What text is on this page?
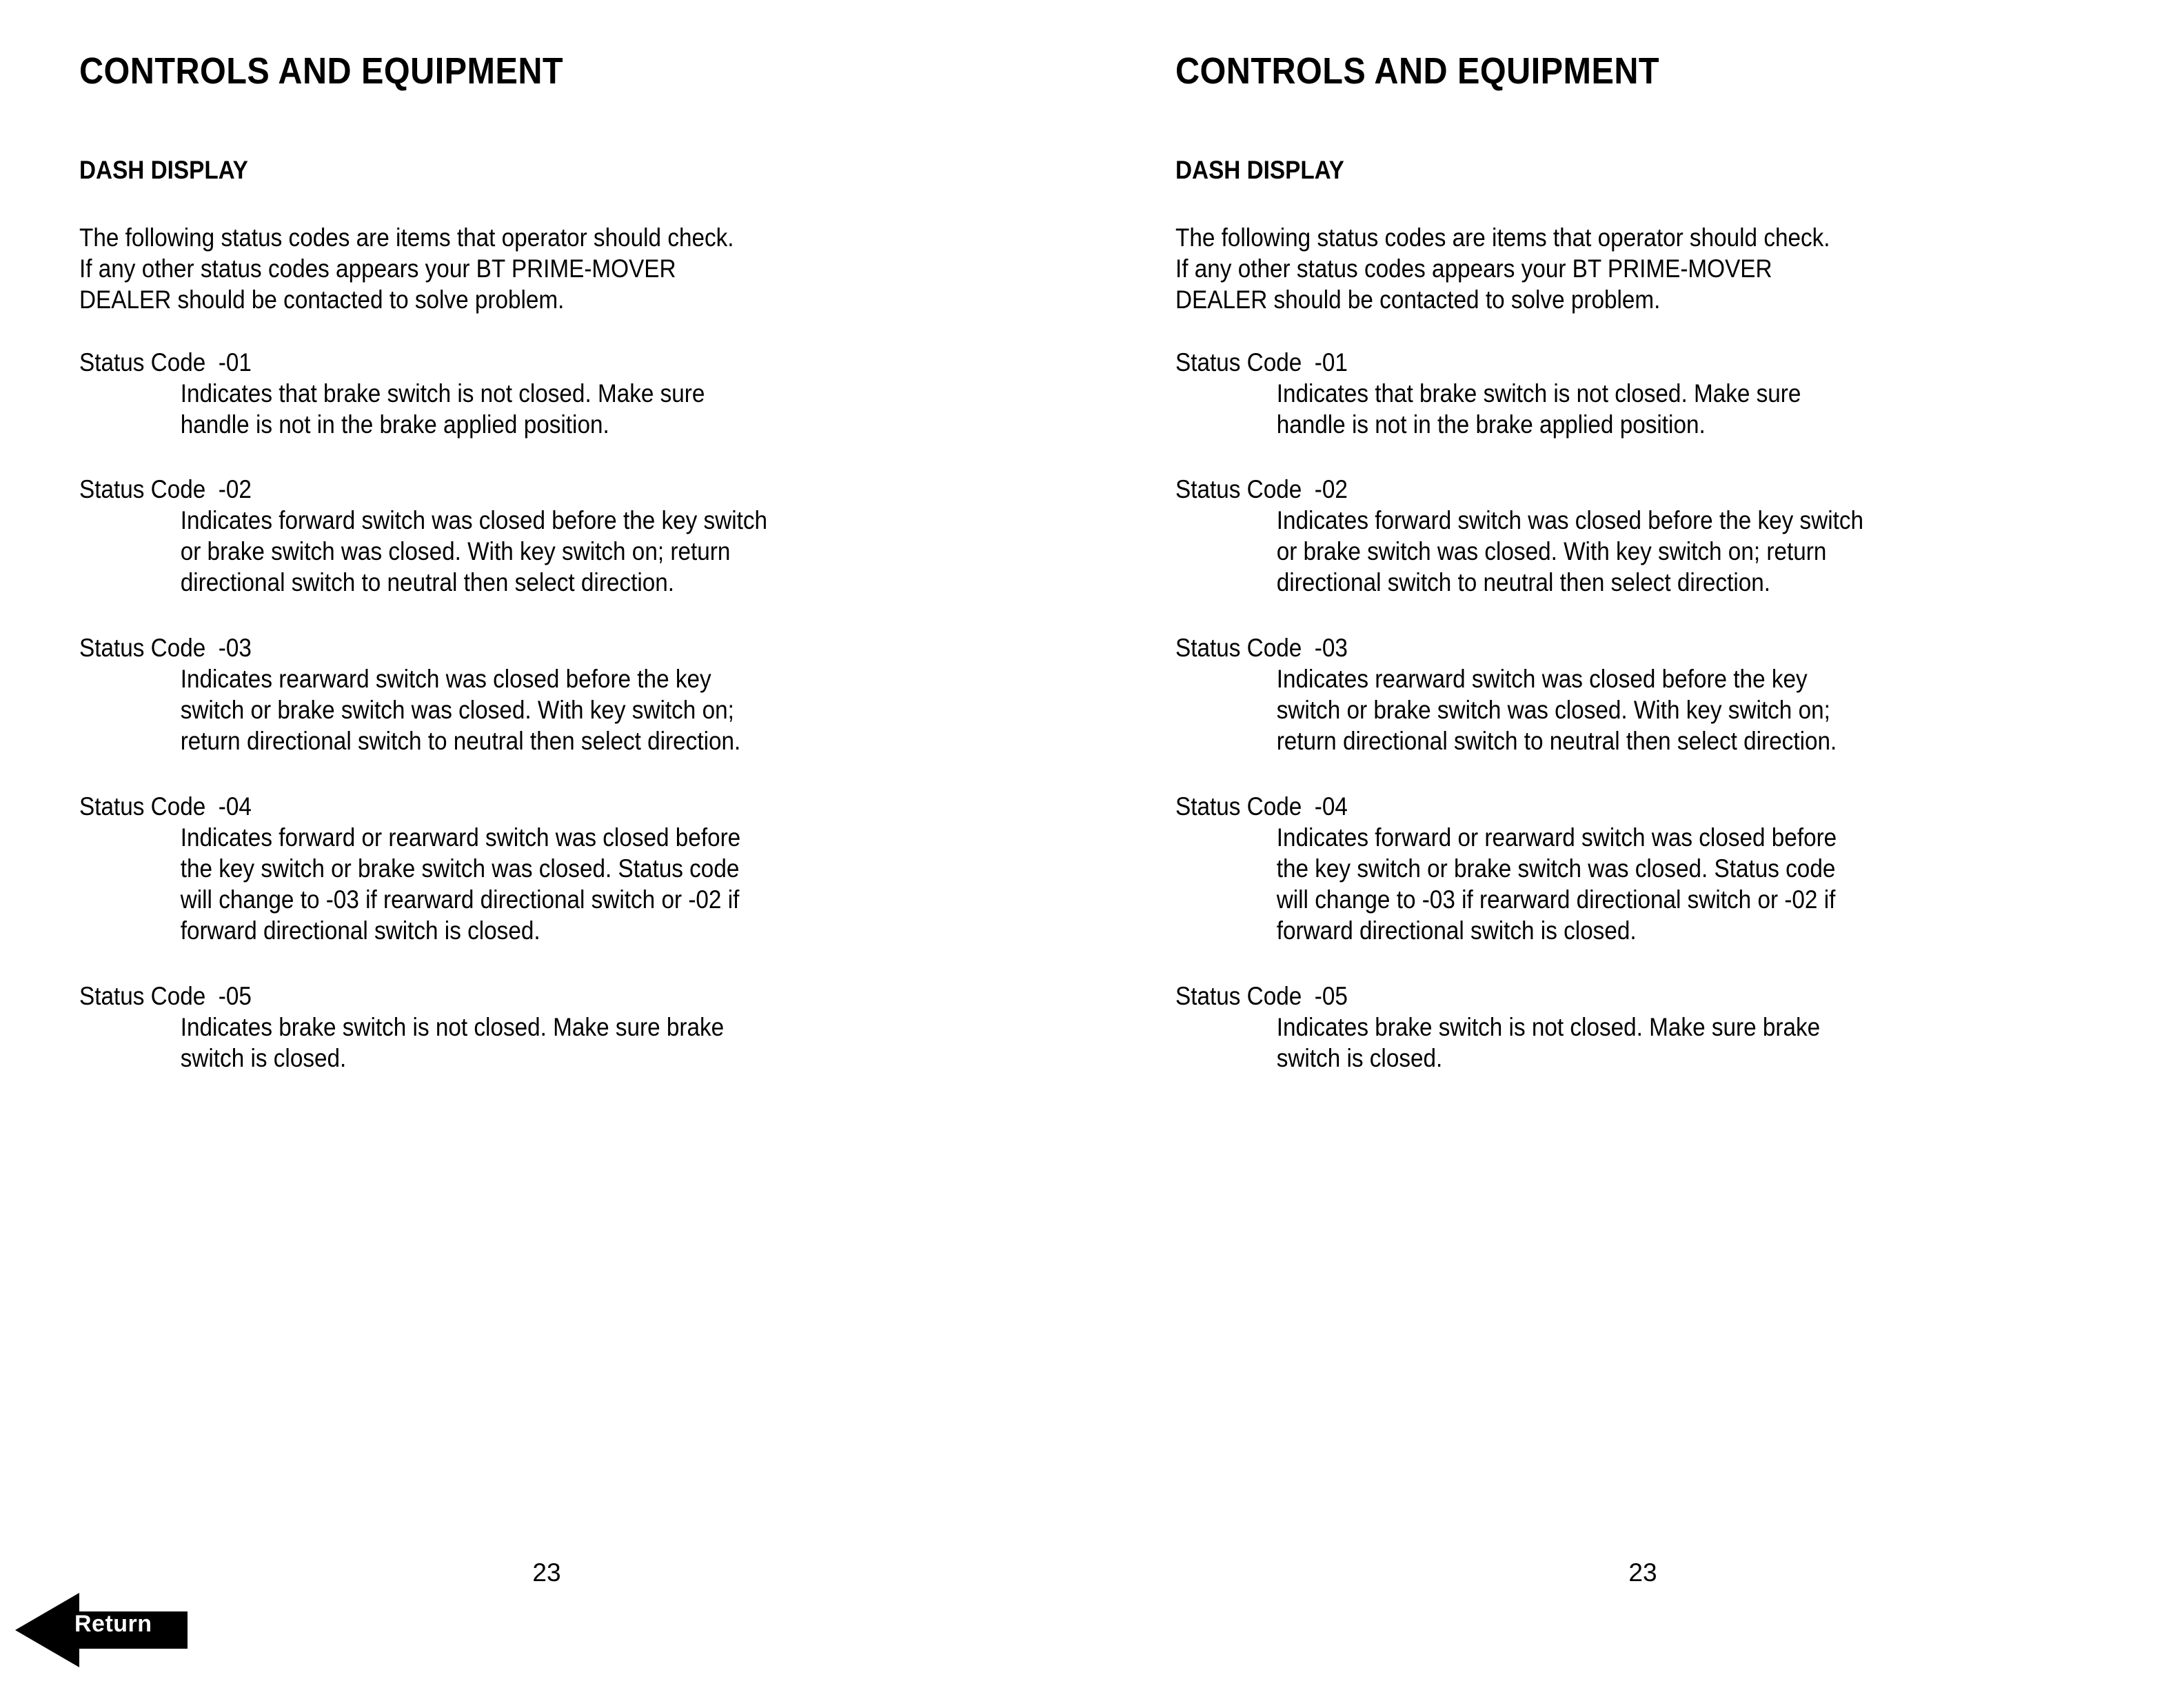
CONTROLS AND EQUIPMENT
DASH DISPLAY

The following status codes are items that operator should check.

If any other status codes appears your BT PRIME-MOVER

DEALER should be contacted to solve problem.

Status Code  -01

Indicates that brake switch is not closed. Make sure

handle is not in the brake applied position.

Status Code  -02

Indicates forward switch was closed before the key switch

or brake switch was closed. With key switch on; return

directional switch to neutral then select direction.

Status Code  -03

Indicates rearward switch was closed before the key

switch or brake switch was closed. With key switch on;

return directional switch to neutral then select direction.

Status Code  -04

Indicates forward or rearward switch was closed before

the key switch or brake switch was closed. Status code

will change to -03 if rearward directional switch or -02 if

forward directional switch is closed.

Status Code  -05

Indicates brake switch is not closed. Make sure brake

switch is closed.

23
CONTROLS AND EQUIPMENT
DASH DISPLAY

The following status codes are items that operator should check.

If any other status codes appears your BT PRIME-MOVER

DEALER should be contacted to solve problem.

Status Code  -01

Indicates that brake switch is not closed. Make sure

handle is not in the brake applied position.

Status Code  -02

Indicates forward switch was closed before the key switch

or brake switch was closed. With key switch on; return

directional switch to neutral then select direction.

Status Code  -03

Indicates rearward switch was closed before the key

switch or brake switch was closed. With key switch on;

return directional switch to neutral then select direction.

Status Code  -04

Indicates forward or rearward switch was closed before

the key switch or brake switch was closed. Status code

will change to -03 if rearward directional switch or -02 if

forward directional switch is closed.

Status Code  -05

Indicates brake switch is not closed. Make sure brake

switch is closed.

23
Return
